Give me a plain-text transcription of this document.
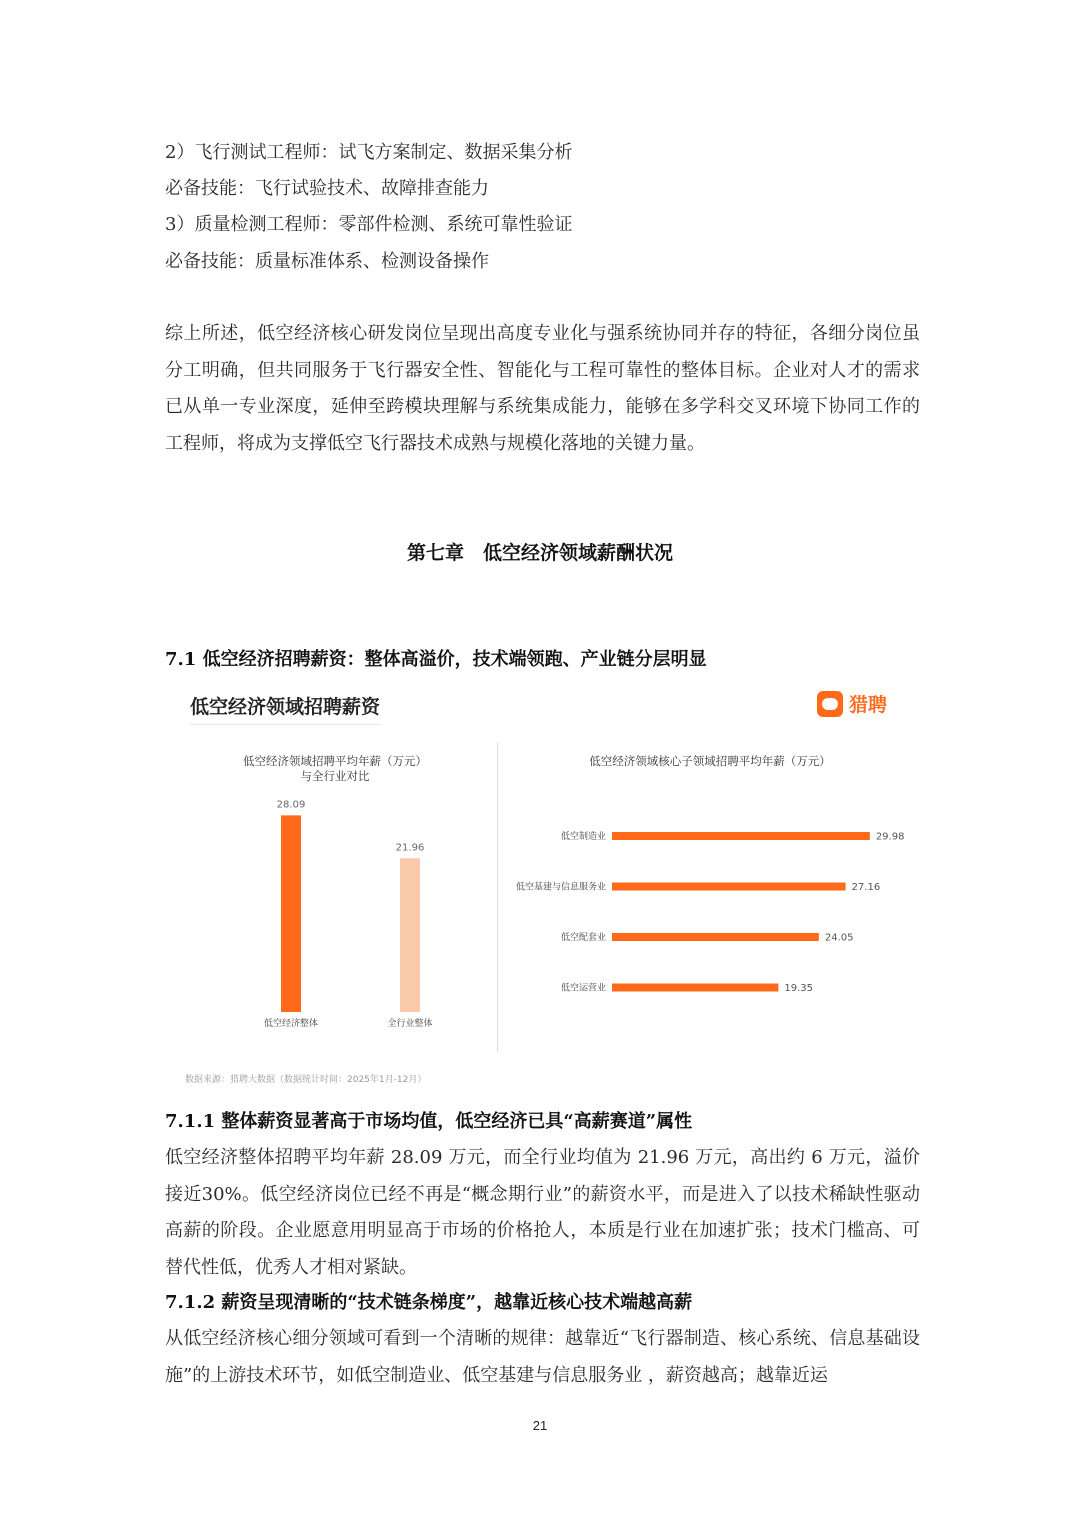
2）飞行测试工程师：试飞方案制定、数据采集分析
必备技能：飞行试验技术、故障排查能力
3）质量检测工程师：零部件检测、系统可靠性验证
必备技能：质量标准体系、检测设备操作
综上所述，低空经济核心研发岗位呈现出高度专业化与强系统协同并存的特征，各细分岗位虽分工明确，但共同服务于飞行器安全性、智能化与工程可靠性的整体目标。企业对人才的需求已从单一专业深度，延伸至跨模块理解与系统集成能力，能够在多学科交叉环境下协同工作的工程师，将成为支撑低空飞行器技术成熟与规模化落地的关键力量。
第七章　低空经济领域薪酬状况
7.1 低空经济招聘薪资：整体高溢价，技术端领跑、产业链分层明显
低空经济领域招聘薪资	猎聘
低空经济领域招聘平均年薪（万元）
与全行业对比
低空经济领域核心子领域招聘平均年薪（万元）
28.09
低空经济整体
21.96
全行业整体
低空制造业	29.98
低空基建与信息服务业	27.16
低空配套业	24.05
低空运营业	19.35
数据来源：猎聘大数据（数据统计时间：2025年1月-12月）
7.1.1 整体薪资显著高于市场均值，低空经济已具“高薪赛道”属性
低空经济整体招聘平均年薪 28.09 万元，而全行业均值为 21.96 万元，高出约 6 万元，溢价接近30%。低空经济岗位已经不再是“概念期行业”的薪资水平，而是进入了以技术稀缺性驱动高薪的阶段。企业愿意用明显高于市场的价格抢人，本质是行业在加速扩张；技术门槛高、可替代性低，优秀人才相对紧缺。
7.1.2 薪资呈现清晰的“技术链条梯度”，越靠近核心技术端越高薪
从低空经济核心细分领域可看到一个清晰的规律：越靠近“飞行器制造、核心系统、信息基础设施”的上游技术环节，如低空制造业、低空基建与信息服务业 ，薪资越高；越靠近运
21
